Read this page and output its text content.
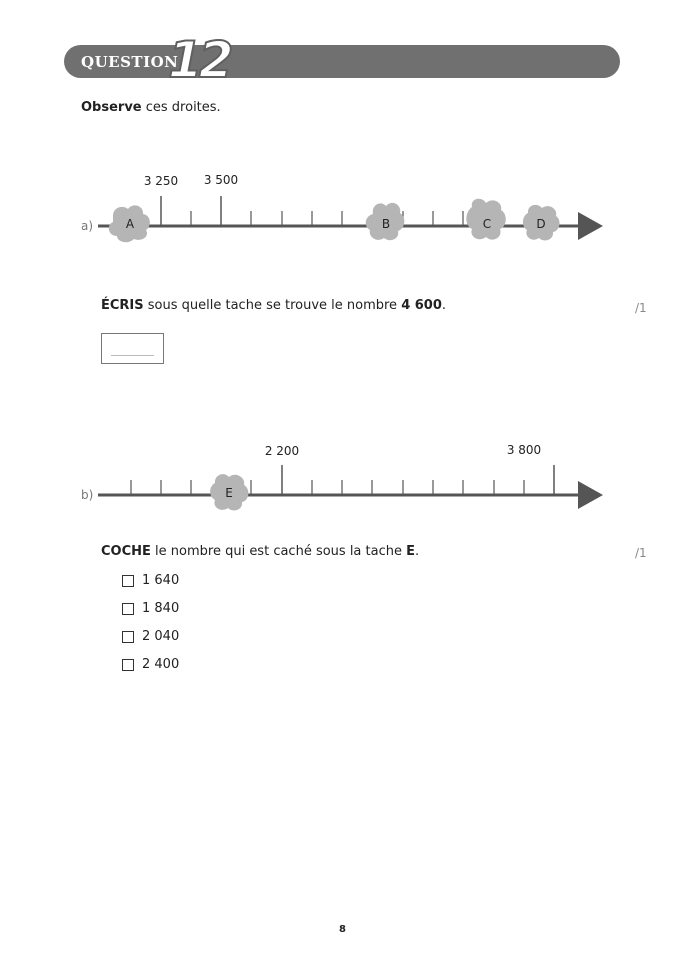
QUESTION
12
Observe ces droites.
a)
3 250 3 500
b)
2 200	3 800
A	B	C	D
E
ÉCRIS sous quelle tache se trouve le nombre 4 600.	/1
COCHE le nombre qui est caché sous la tache E.	/1
1 640
1 840
2 040
2 400
8
